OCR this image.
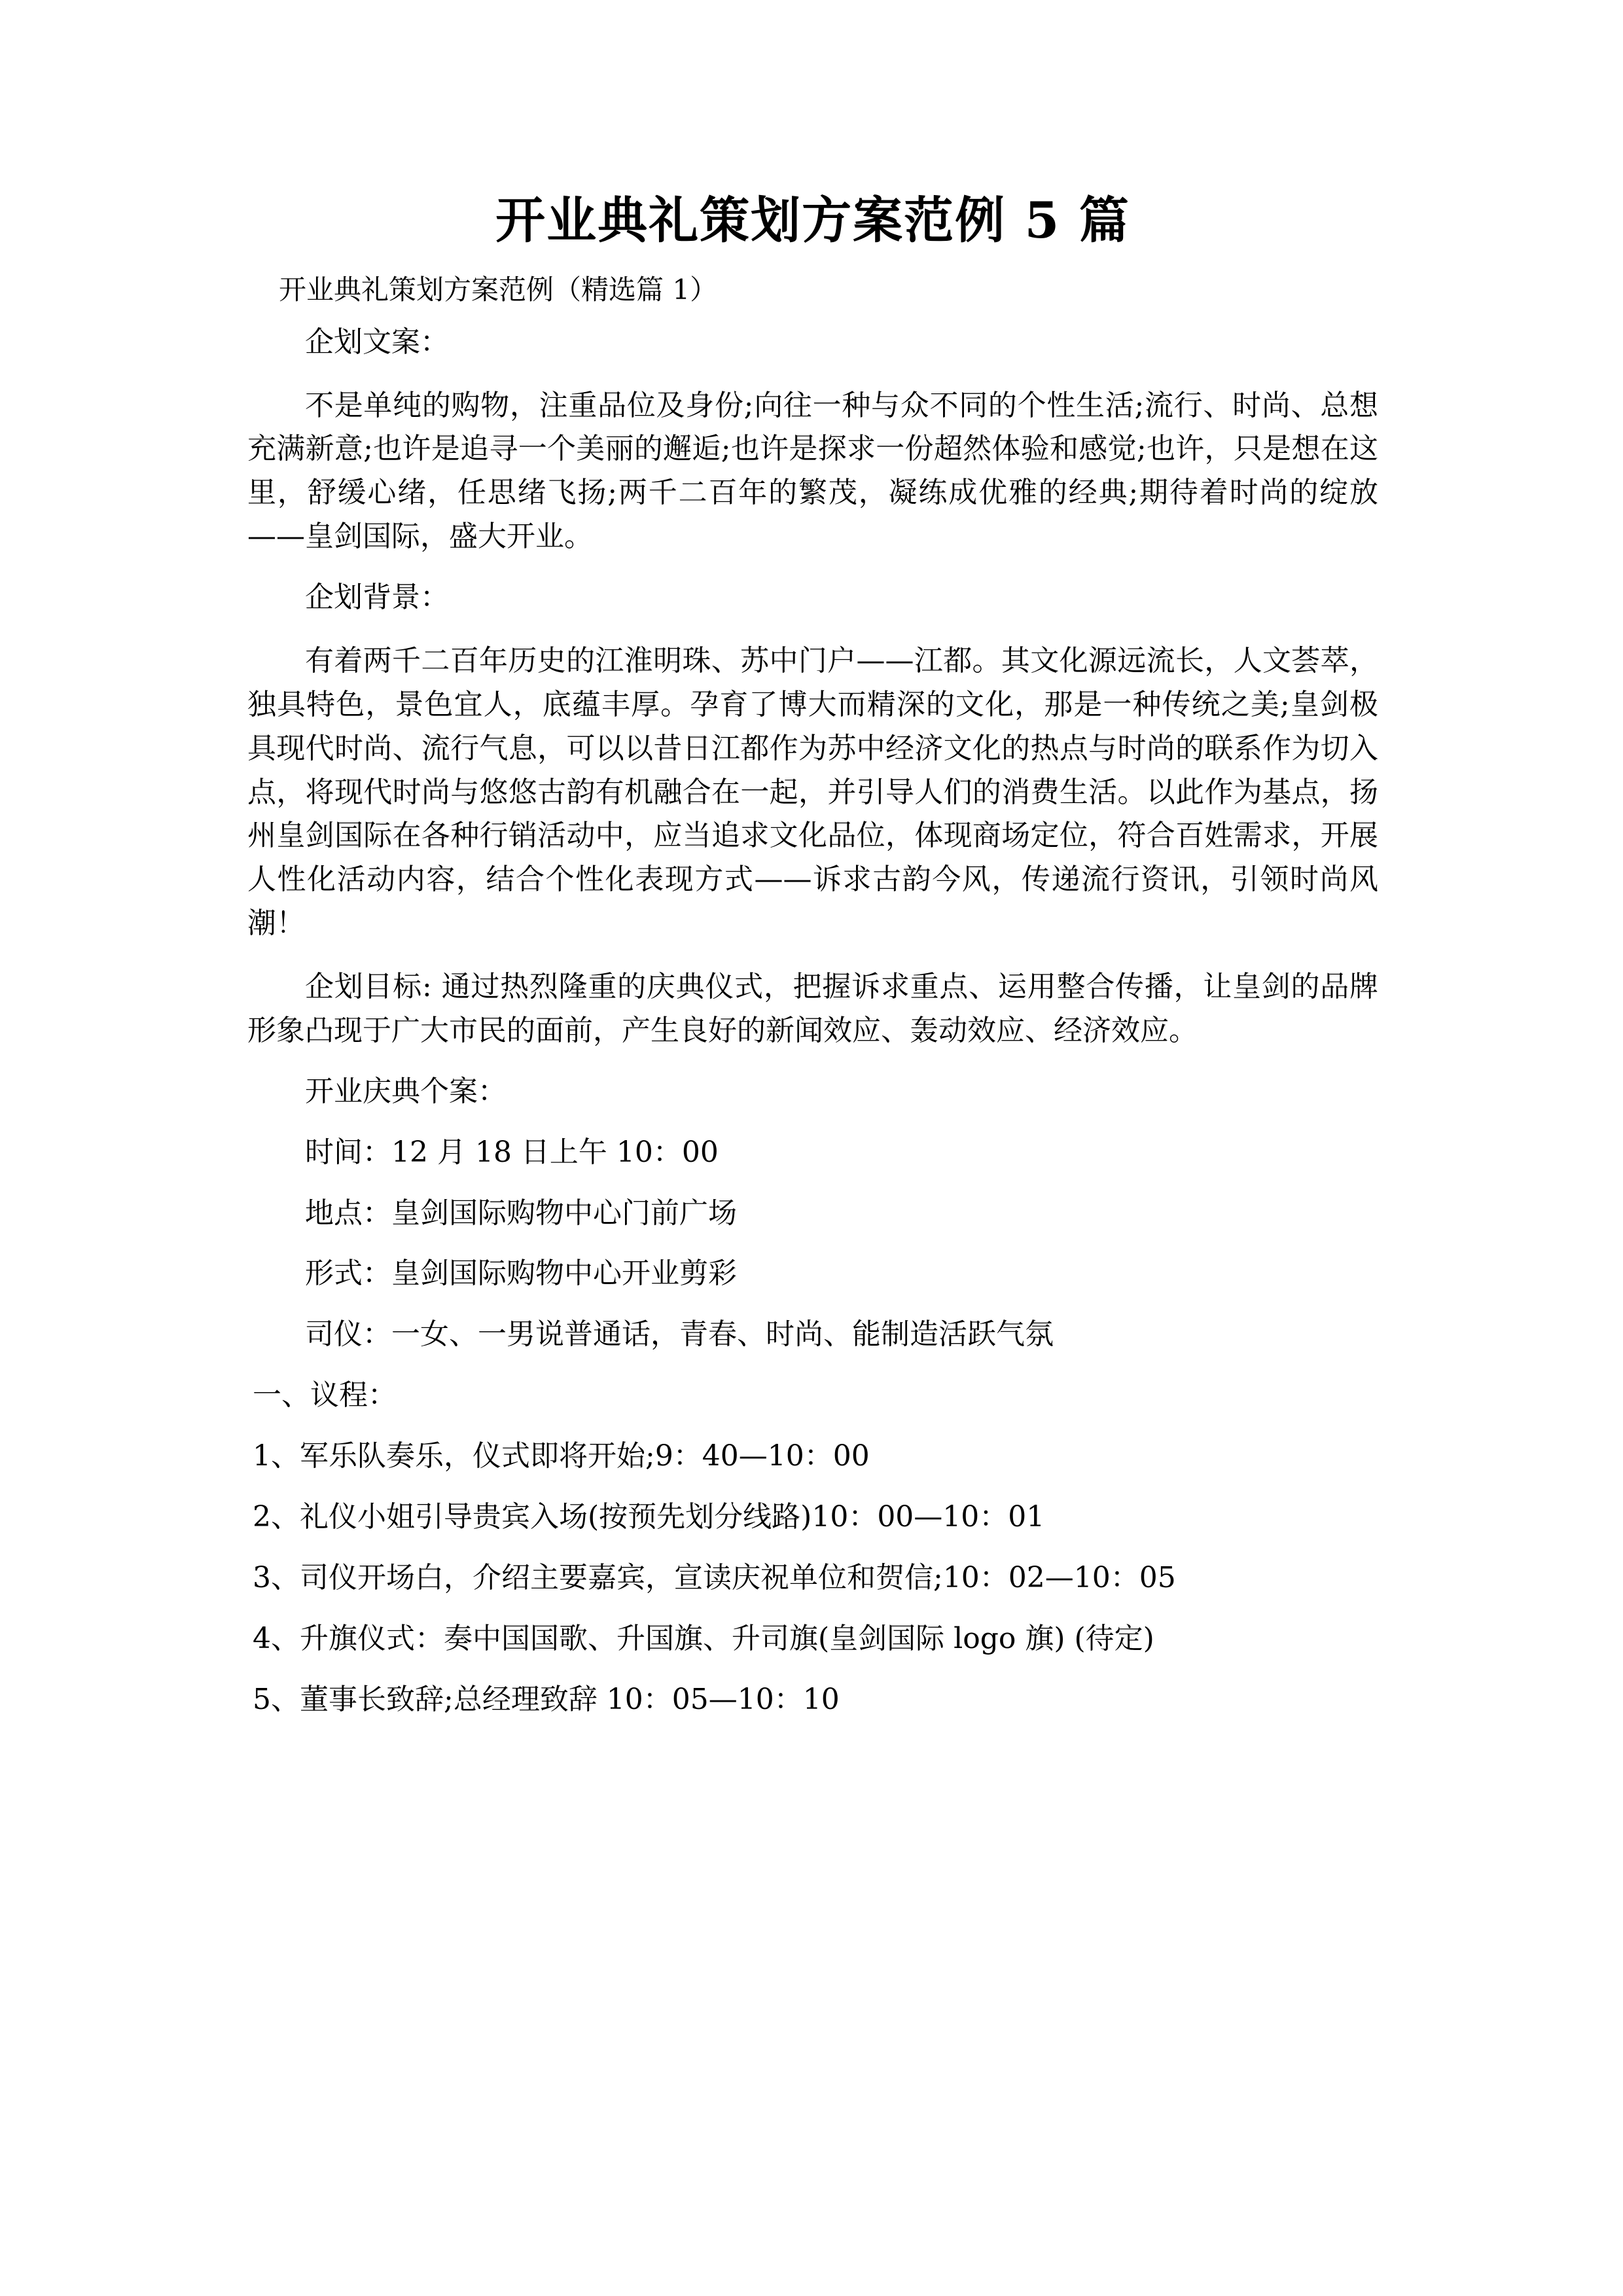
开业典礼策划方案范例 5 篇

开业典礼策划方案范例（精选篇 1）

企划文案：

不是单纯的购物，注重品位及身份;向往一种与众不同的个性生活;流行、时尚、总想充满新意;也许是追寻一个美丽的邂逅;也许是探求一份超然体验和感觉;也许，只是想在这里，舒缓心绪，任思绪飞扬;两千二百年的繁茂，凝练成优雅的经典;期待着时尚的绽放——皇剑国际，盛大开业。

企划背景：

有着两千二百年历史的江淮明珠、苏中门户——江都。其文化源远流长，人文荟萃，独具特色，景色宜人，底蕴丰厚。孕育了博大而精深的文化，那是一种传统之美;皇剑极具现代时尚、流行气息，可以以昔日江都作为苏中经济文化的热点与时尚的联系作为切入点，将现代时尚与悠悠古韵有机融合在一起，并引导人们的消费生活。以此作为基点，扬州皇剑国际在各种行销活动中，应当追求文化品位，体现商场定位，符合百姓需求，开展人性化活动内容，结合个性化表现方式——诉求古韵今风，传递流行资讯，引领时尚风潮！

企划目标: 通过热烈隆重的庆典仪式，把握诉求重点、运用整合传播，让皇剑的品牌形象凸现于广大市民的面前，产生良好的新闻效应、轰动效应、经济效应。

开业庆典个案：

时间：12 月 18 日上午 10：00

地点：皇剑国际购物中心门前广场

形式：皇剑国际购物中心开业剪彩

司仪：一女、一男说普通话，青春、时尚、能制造活跃气氛

一、议程：

1、军乐队奏乐，仪式即将开始;9：40—10：00

2、礼仪小姐引导贵宾入场(按预先划分线路)10：00—10：01

3、司仪开场白，介绍主要嘉宾，宣读庆祝单位和贺信;10：02—10：05

4、升旗仪式：奏中国国歌、升国旗、升司旗(皇剑国际 logo 旗) (待定)

5、董事长致辞;总经理致辞 10：05—10：10
